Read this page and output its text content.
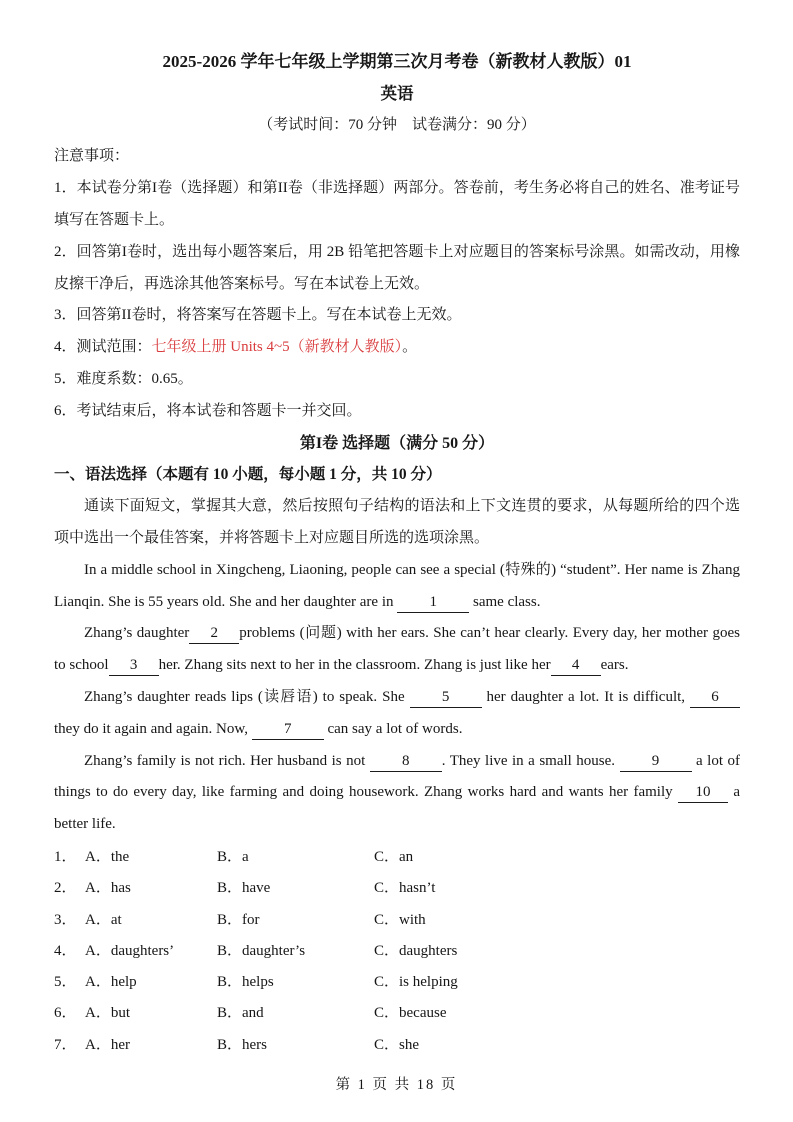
2025-2026 学年七年级上学期第三次月考卷（新教材人教版）01
英语
（考试时间：70 分钟　试卷满分：90 分）
注意事项：

1．本试卷分第I卷（选择题）和第II卷（非选择题）两部分。答卷前，考生务必将自己的姓名、准考证号填写在答题卡上。

2．回答第I卷时，选出每小题答案后，用 2B 铅笔把答题卡上对应题目的答案标号涂黑。如需改动，用橡皮擦干净后，再选涂其他答案标号。写在本试卷上无效。

3．回答第II卷时，将答案写在答题卡上。写在本试卷上无效。

4．测试范围：七年级上册 Units 4~5（新教材人教版）。

5．难度系数：0.65。

6．考试结束后，将本试卷和答题卡一并交回。

第I卷 选择题（满分 50 分）
一、语法选择（本题有 10 小题，每小题 1 分，共 10 分）

通读下面短文，掌握其大意，然后按照句子结构的语法和上下文连贯的要求，从每题所给的四个选项中选出一个最佳答案，并将答题卡上对应题目所选的选项涂黑。

In a middle school in Xingcheng, Liaoning, people can see a special (特殊的) “student”. Her name is Zhang Lianqin. She is 55 years old. She and her daughter are in 1 same class.

Zhang’s daughter 2 problems (问题) with her ears. She can’t hear clearly. Every day, her mother goes to school 3 her. Zhang sits next to her in the classroom. Zhang is just like her 4 ears.

Zhang’s daughter reads lips (读唇语) to speak. She 5 her daughter a lot. It is difficult, 6 they do it again and again. Now, 7 can say a lot of words.

Zhang’s family is not rich. Her husband is not 8 . They live in a small house. 9 a lot of things to do every day, like farming and doing housework. Zhang works hard and wants her family 10 a better life.

1． A．the	B．a	C．an
2． A．has	B．have	C．hasn’t
3． A．at	B．for	C．with
4． A．daughters’	B．daughter’s	C．daughters
5． A．help	B．helps	C．is helping
6． A．but	B．and	C．because
7． A．her	B．hers	C．she
第 1 页 共 18 页
